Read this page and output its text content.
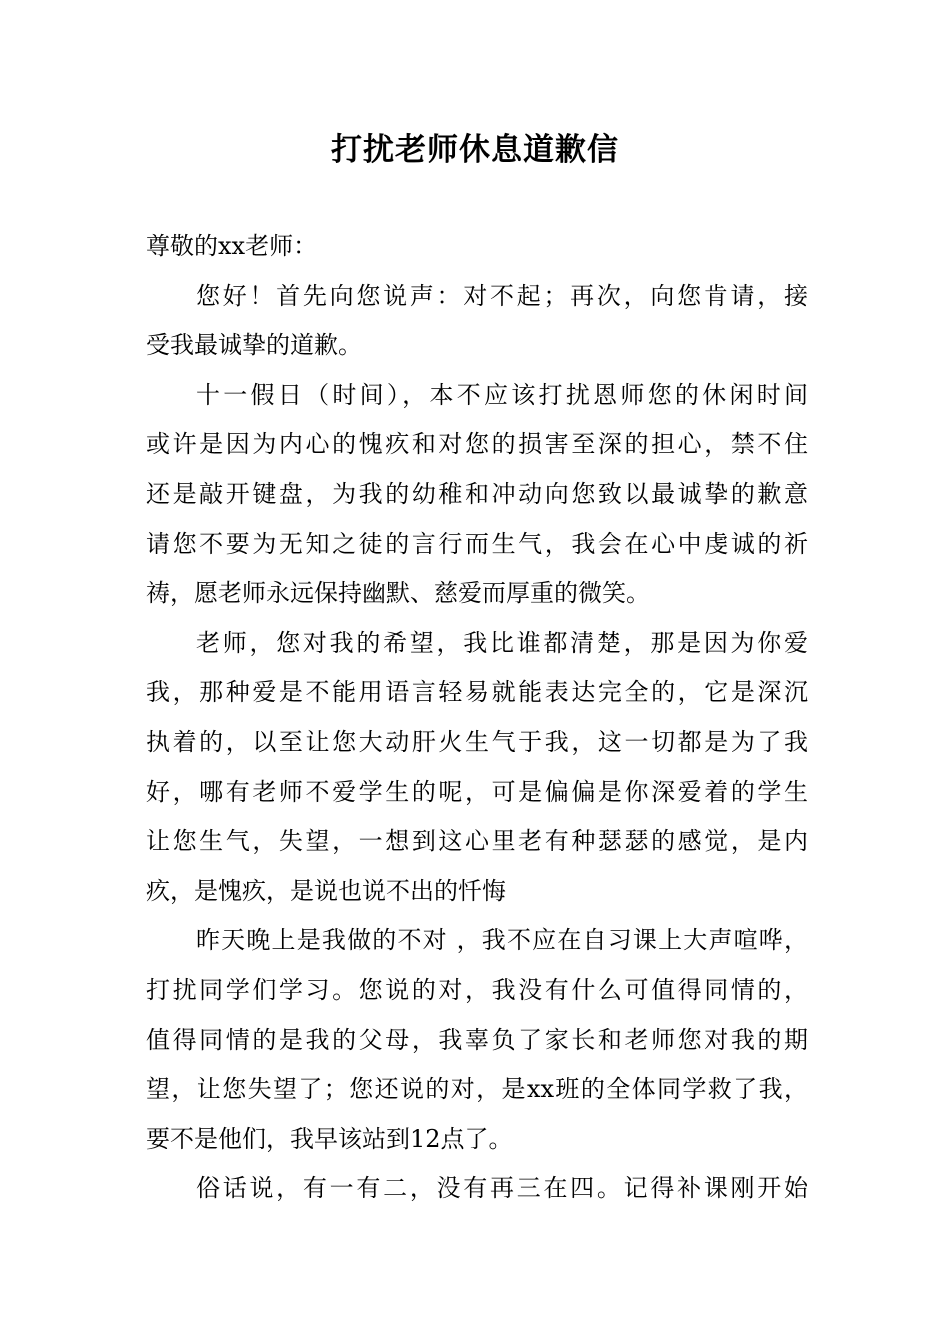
打扰老师休息道歉信
尊敬的xx老师：
您好！首先向您说声：对不起；再次，向您肯请，接
受我最诚挚的道歉。
十一假日（时间），本不应该打扰恩师您的休闲时间
或许是因为内心的愧疚和对您的损害至深的担心，禁不住
还是敲开键盘，为我的幼稚和冲动向您致以最诚挚的歉意
请您不要为无知之徒的言行而生气，我会在心中虔诚的祈
祷，愿老师永远保持幽默、慈爱而厚重的微笑。
老师，您对我的希望，我比谁都清楚，那是因为你爱
我，那种爱是不能用语言轻易就能表达完全的，它是深沉
执着的，以至让您大动肝火生气于我，这一切都是为了我
好，哪有老师不爱学生的呢，可是偏偏是你深爱着的学生
让您生气，失望，一想到这心里老有种瑟瑟的感觉，是内
疚，是愧疚，是说也说不出的忏悔
昨天晚上是我做的不对 ，我不应在自习课上大声喧哗，
打扰同学们学习。您说的对，我没有什么可值得同情的，
值得同情的是我的父母，我辜负了家长和老师您对我的期
望，让您失望了；您还说的对，是xx班的全体同学救了我，
要不是他们，我早该站到12点了。
俗话说，有一有二，没有再三在四。记得补课刚开始
